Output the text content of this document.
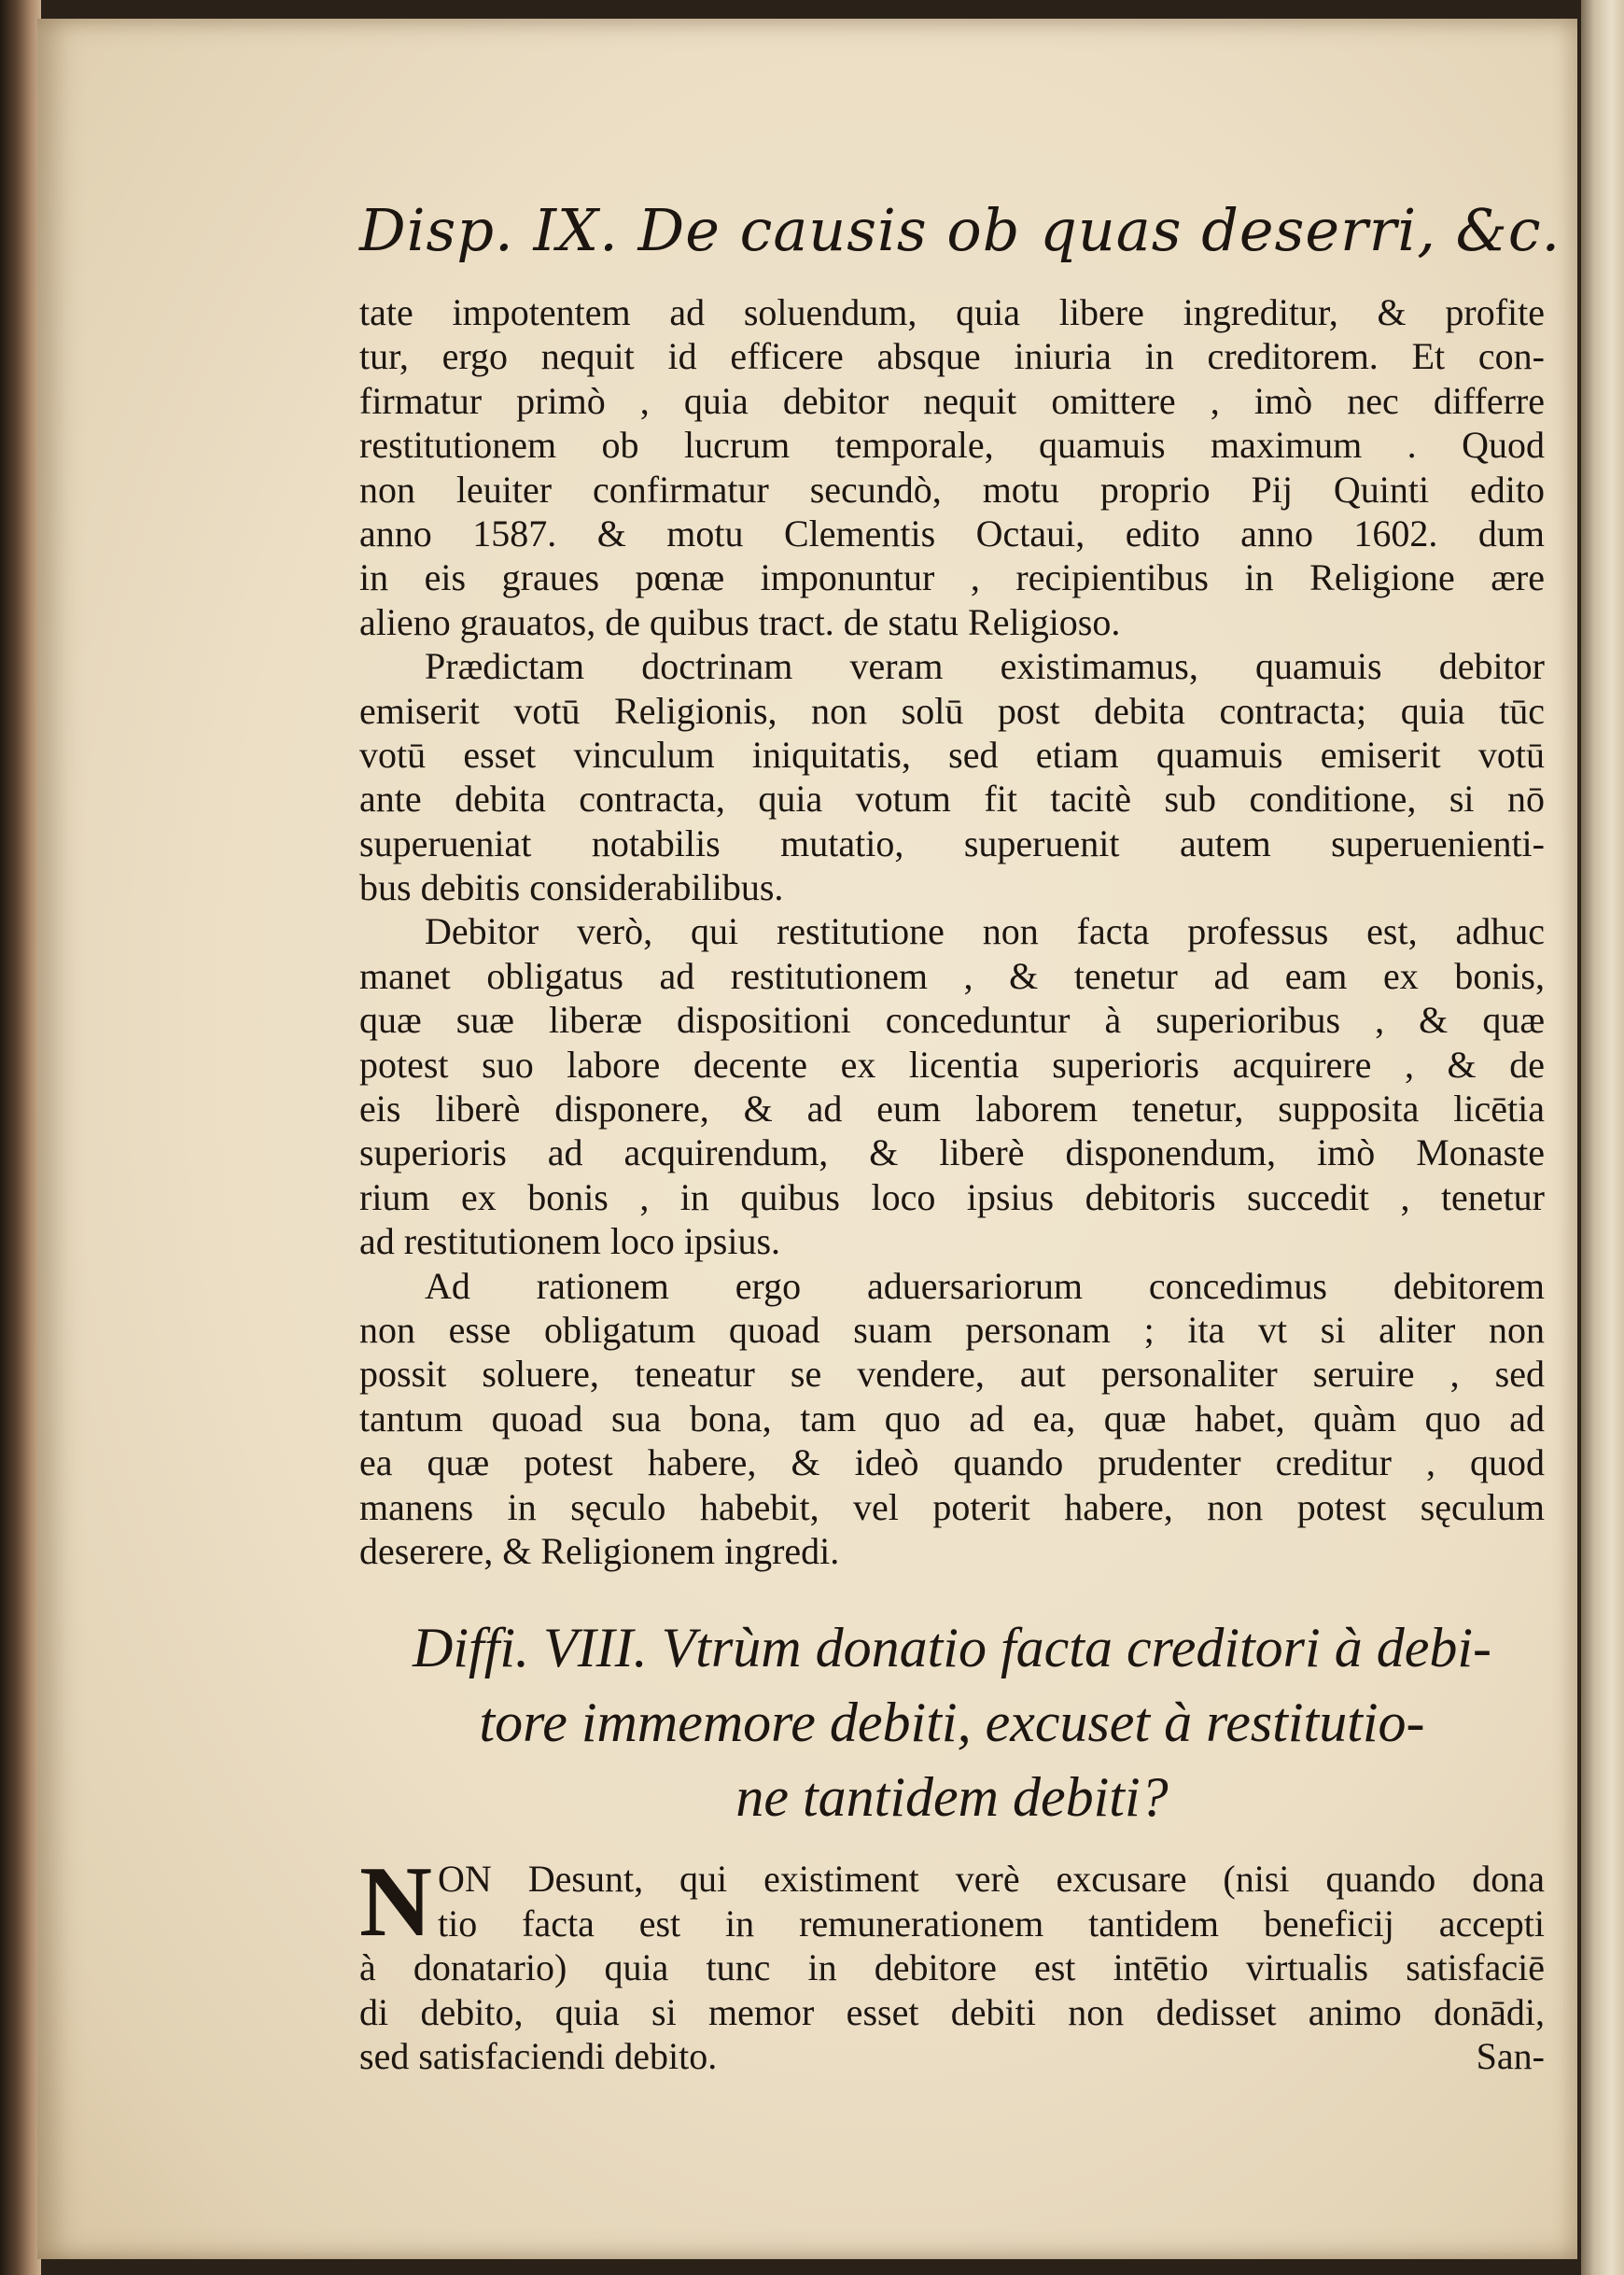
Disp. IX. De causis ob quas deserri, &c.
tate impotentem ad soluendum, quia libere ingreditur, & profite
tur, ergo nequit id efficere absque iniuria in creditorem. Et con-
firmatur primò , quia debitor nequit omittere , imò nec differre
restitutionem ob lucrum temporale, quamuis maximum . Quod
non leuiter confirmatur secundò, motu proprio Pij Quinti edito
anno 1587. & motu Clementis Octaui, edito anno 1602. dum
in eis graues pœnæ imponuntur , recipientibus in Religione ære
alieno grauatos, de quibus tract. de statu Religioso.
Prædictam doctrinam veram existimamus, quamuis debitor
emiserit votū Religionis, non solū post debita contracta; quia tūc
votū esset vinculum iniquitatis, sed etiam quamuis emiserit votū
ante debita contracta, quia votum fit tacitè sub conditione, si nō
superueniat notabilis mutatio, superuenit autem superuenienti-
bus debitis considerabilibus.
Debitor verò, qui restitutione non facta professus est, adhuc
manet obligatus ad restitutionem , & tenetur ad eam ex bonis,
quæ suæ liberæ dispositioni conceduntur à superioribus , & quæ
potest suo labore decente ex licentia superioris acquirere , & de
eis liberè disponere, & ad eum laborem tenetur, supposita licētia
superioris ad acquirendum, & liberè disponendum, imò Monaste
rium ex bonis , in quibus loco ipsius debitoris succedit , tenetur
ad restitutionem loco ipsius.
Ad rationem ergo aduersariorum concedimus debitorem
non esse obligatum quoad suam personam ; ita vt si aliter non
possit soluere, teneatur se vendere, aut personaliter seruire , sed
tantum quoad sua bona, tam quo ad ea, quæ habet, quàm quo ad
ea quæ potest habere, & ideò quando prudenter creditur , quod
manens in sęculo habebit, vel poterit habere, non potest sęculum
deserere, & Religionem ingredi.
Diffi. VIII. Vtrùm donatio facta creditori à debi-
tore immemore debiti, excuset à restitutio-
ne tantidem debiti?
N ON Desunt, qui existiment verè excusare (nisi quando dona
tio facta est in remunerationem tantidem beneficij accepti
à donatario) quia tunc in debitore est intētio virtualis satisfaciē
di debito, quia si memor esset debiti non dedisset animo donādi,
sed satisfaciendi debito.	San-
